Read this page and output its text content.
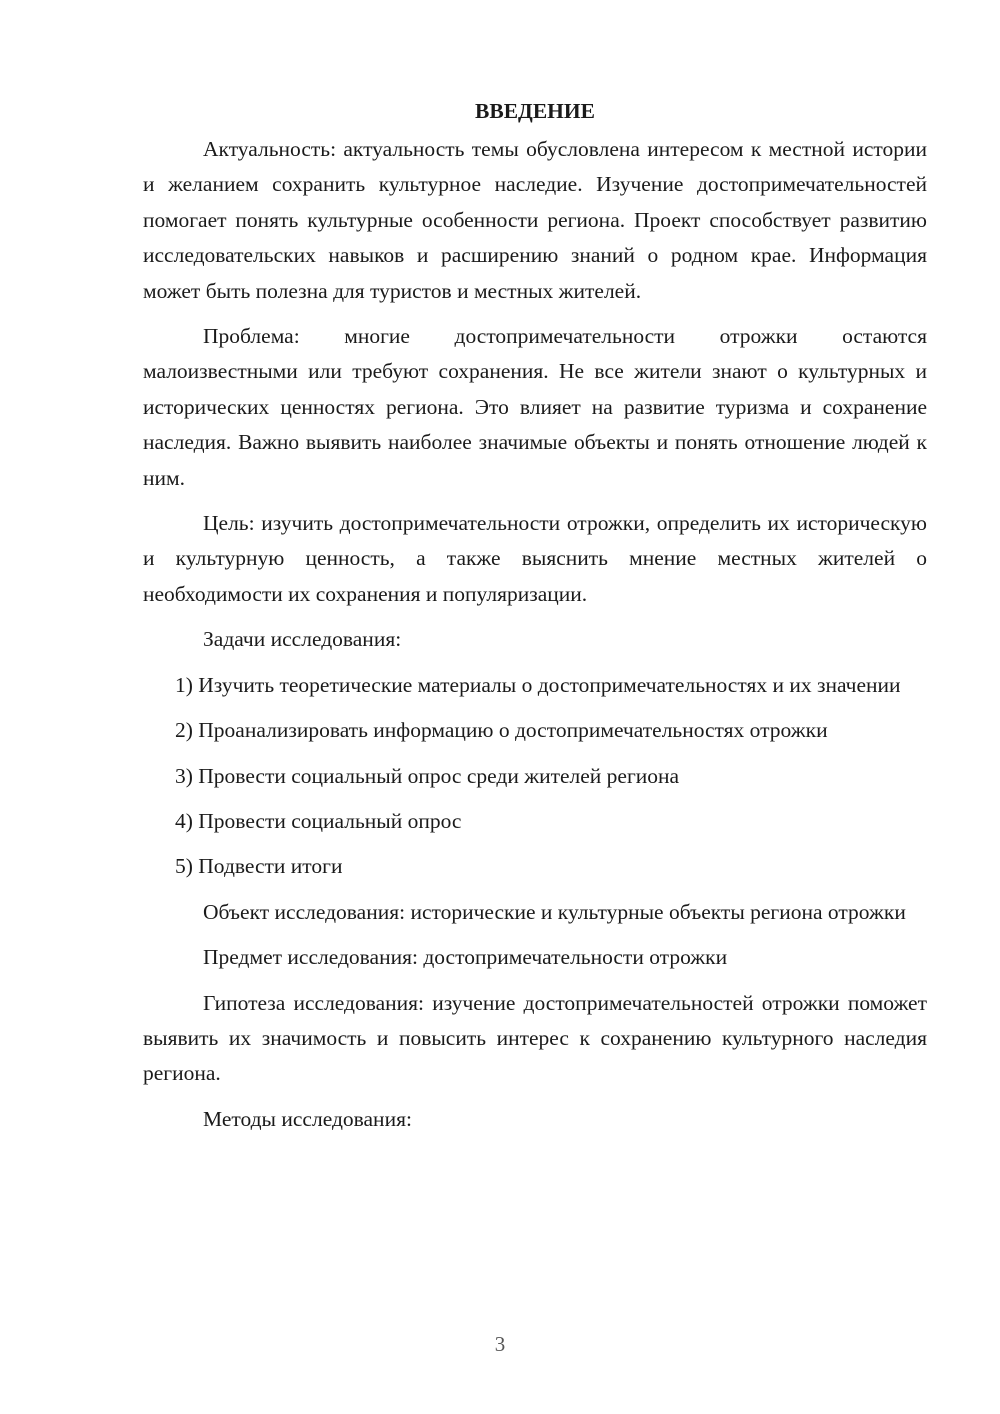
ВВЕДЕНИЕ

Актуальность: актуальность темы обусловлена интересом к местной истории и желанием сохранить культурное наследие. Изучение достопримечательностей помогает понять культурные особенности региона. Проект способствует развитию исследовательских навыков и расширению знаний о родном крае. Информация может быть полезна для туристов и местных жителей.

Проблема: многие достопримечательности отрожки остаются малоизвестными или требуют сохранения. Не все жители знают о культурных и исторических ценностях региона. Это влияет на развитие туризма и сохранение наследия. Важно выявить наиболее значимые объекты и понять отношение людей к ним.

Цель: изучить достопримечательности отрожки, определить их историческую и культурную ценность, а также выяснить мнение местных жителей о необходимости их сохранения и популяризации.

Задачи исследования:

1) Изучить теоретические материалы о достопримечательностях и их значении

2) Проанализировать информацию о достопримечательностях отрожки

3) Провести социальный опрос среди жителей региона

4) Провести социальный опрос

5) Подвести итоги

Объект исследования: исторические и культурные объекты региона отрожки

Предмет исследования: достопримечательности отрожки

Гипотеза исследования: изучение достопримечательностей отрожки поможет выявить их значимость и повысить интерес к сохранению культурного наследия региона.

Методы исследования:

3
